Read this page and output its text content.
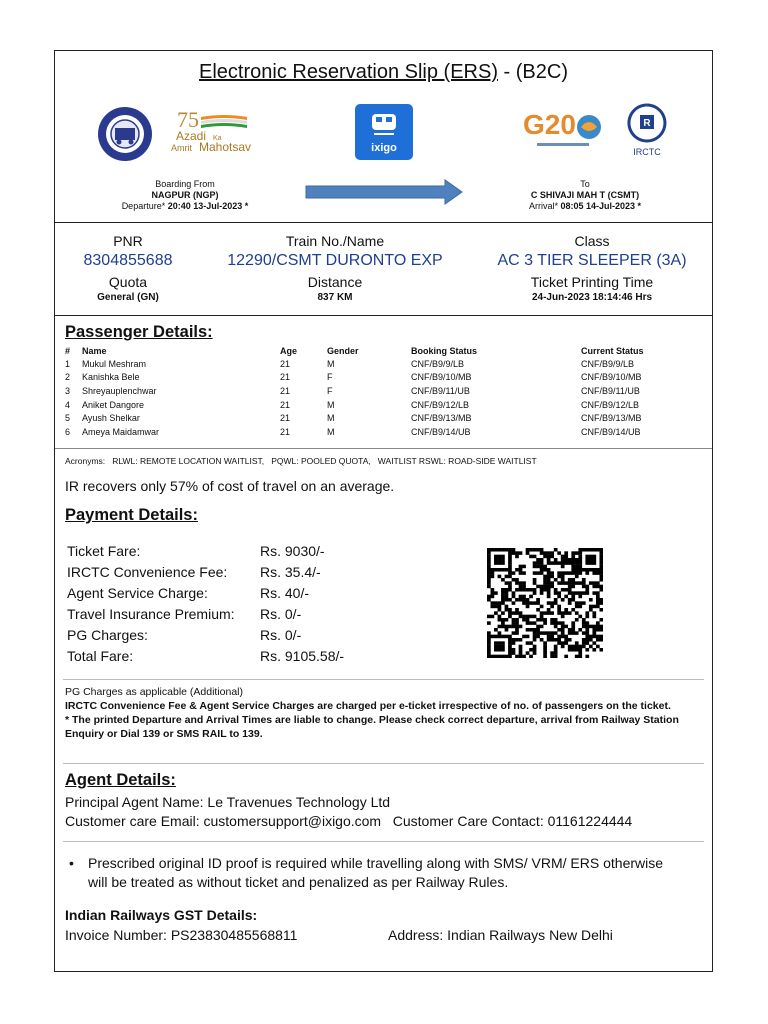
Electronic Reservation Slip (ERS) - (B2C)
75
Azadi Ka
Amrit Mahotsav	ixigo
G20	R
IRCTC
Boarding From
NAGPUR (NGP)
Departure* 20:40 13-Jul-2023 *
To
C SHIVAJI MAH T (CSMT)
Arrival* 08:05 14-Jul-2023 *
PNR
8304855688
Quota
General (GN)
Train No./Name
12290/CSMT DURONTO EXP
Distance
837 KM
Class
AC 3 TIER SLEEPER (3A)
Ticket Printing Time
24-Jun-2023 18:14:46 Hrs
Passenger Details:
#	Name	Age	Gender	Booking Status	Current Status
1	Mukul Meshram	21	M	CNF/B9/9/LB	CNF/B9/9/LB
2	Kanishka Bele	21	F	CNF/B9/10/MB	CNF/B9/10/MB
3	Shreyauplenchwar	21	F	CNF/B9/11/UB	CNF/B9/11/UB
4	Aniket Dangore	21	M	CNF/B9/12/LB	CNF/B9/12/LB
5	Ayush Shelkar	21	M	CNF/B9/13/MB	CNF/B9/13/MB
6	Ameya Maidamwar	21	M	CNF/B9/14/UB	CNF/B9/14/UB
Acronyms:   RLWL: REMOTE LOCATION WAITLIST,   PQWL: POOLED QUOTA,   WAITLIST RSWL: ROAD-SIDE WAITLIST
IR recovers only 57% of cost of travel on an average.
Payment Details:
Ticket Fare:	Rs. 9030/-
IRCTC Convenience Fee: Rs. 35.4/-
Agent Service Charge:	Rs. 40/-
Travel Insurance Premium: Rs. 0/-
PG Charges:	Rs. 0/-
Total Fare:	Rs. 9105.58/-
PG Charges as applicable (Additional)
IRCTC Convenience Fee & Agent Service Charges are charged per e-ticket irrespective of no. of passengers on the ticket.
* The printed Departure and Arrival Times are liable to change. Please check correct departure, arrival from Railway Station Enquiry or Dial 139 or SMS RAIL to 139.
Agent Details:
Principal Agent Name: Le Travenues Technology Ltd
Customer care Email: customersupport@ixigo.com Customer Care Contact: 01161224444
•	Prescribed original ID proof is required while travelling along with SMS/ VRM/ ERS otherwise will be treated as without ticket and penalized as per Railway Rules.
Indian Railways GST Details:
Invoice Number: PS23830485568811	Address: Indian Railways New Delhi
